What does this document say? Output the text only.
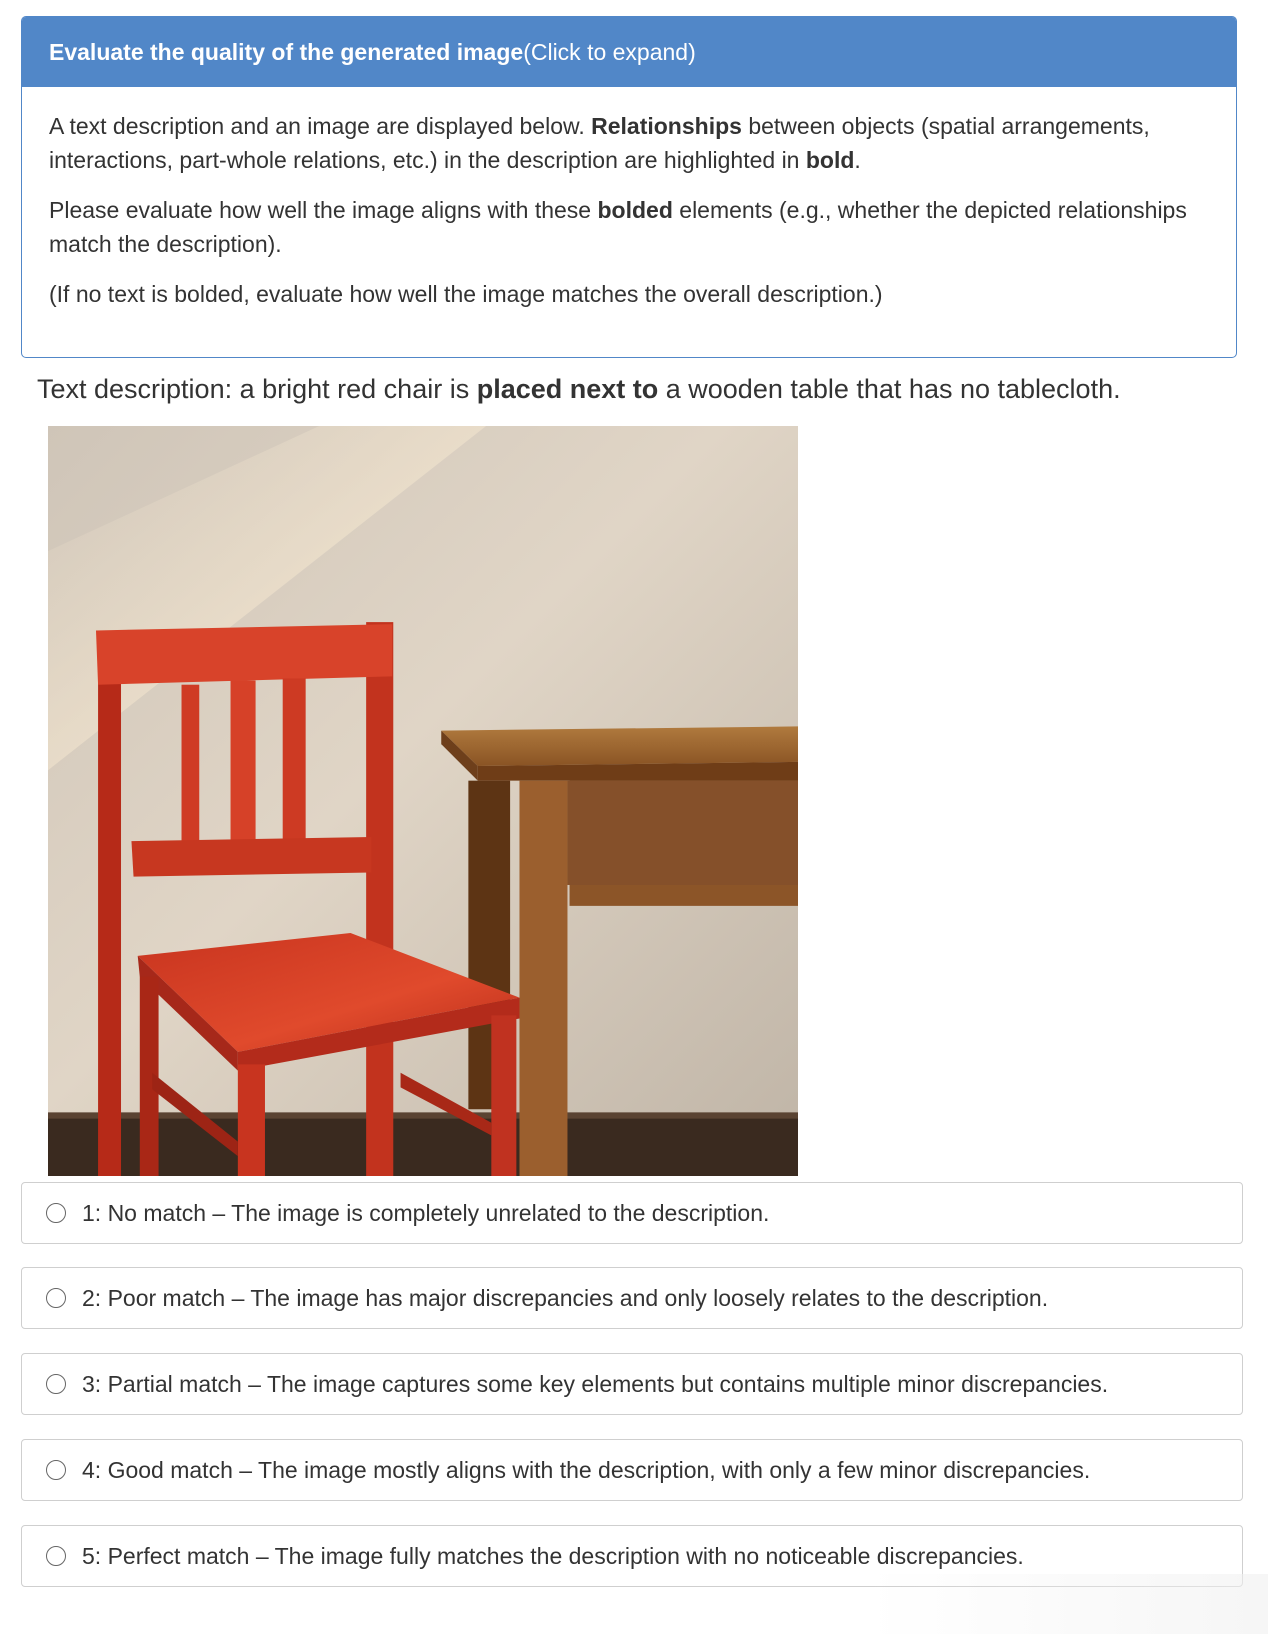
Evaluate the quality of the generated image (Click to expand)

A text description and an image are displayed below. Relationships between objects (spatial arrangements, interactions, part-whole relations, etc.) in the description are highlighted in bold.

Please evaluate how well the image aligns with these bolded elements (e.g., whether the depicted relationships match the description).

(If no text is bolded, evaluate how well the image matches the overall description.)

Text description: a bright red chair is placed next to a wooden table that has no tablecloth.
1: No match – The image is completely unrelated to the description.
2: Poor match – The image has major discrepancies and only loosely relates to the description.
3: Partial match – The image captures some key elements but contains multiple minor discrepancies.
4: Good match – The image mostly aligns with the description, with only a few minor discrepancies.
5: Perfect match – The image fully matches the description with no noticeable discrepancies.
